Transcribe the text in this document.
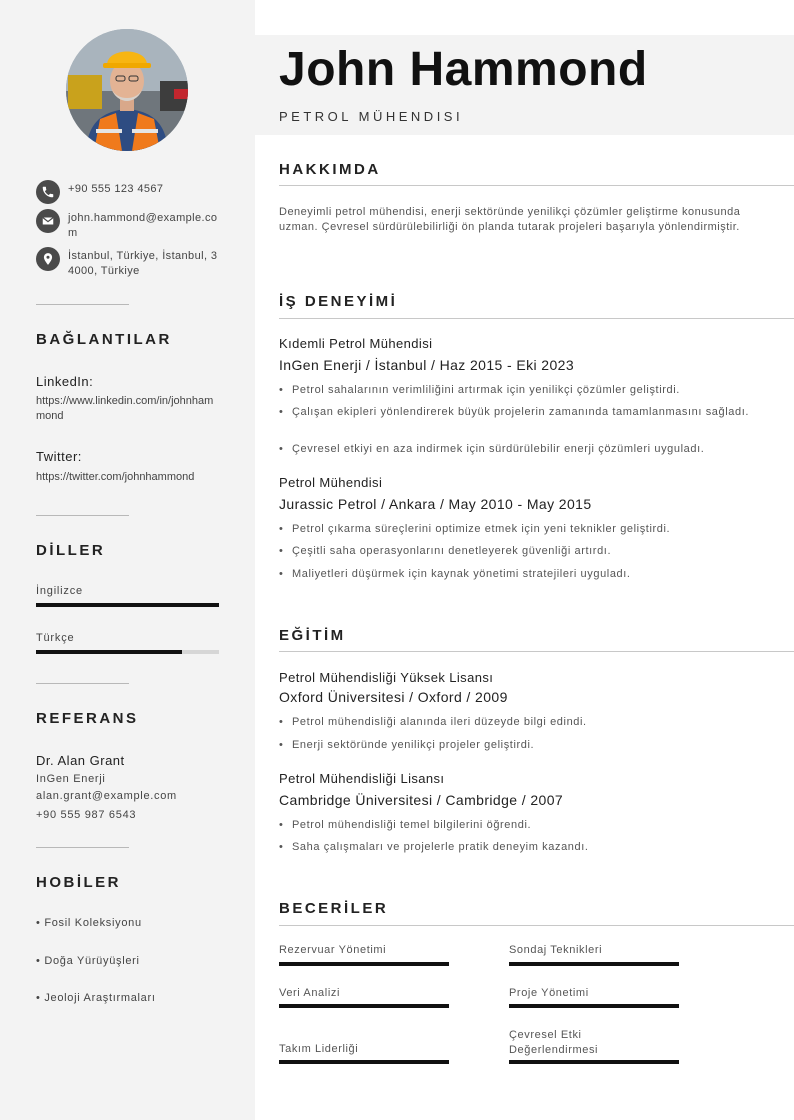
+90 555 123 4567
john.hammond@example.com
İstanbul, Türkiye, İstanbul, 34000, Türkiye
BAĞLANTILAR
LinkedIn:
https://www.linkedin.com/in/johnhammond
Twitter:
https://twitter.com/johnhammond
DİLLER
İngilizce
Türkçe
REFERANS
Dr. Alan Grant
InGen Enerji
alan.grant@example.com
+90 555 987 6543
HOBİLER
• Fosil Koleksiyonu
• Doğa Yürüyüşleri
• Jeoloji Araştırmaları
John Hammond
PETROL MÜHENDISI
HAKKIMDA
Deneyimli petrol mühendisi, enerji sektöründe yenilikçi çözümler geliştirme konusunda uzman. Çevresel sürdürülebilirliği ön planda tutarak projeleri başarıyla yönlendirmiştir.
İŞ DENEYİMİ
Kıdemli Petrol Mühendisi
InGen Enerji / İstanbul / Haz 2015 - Eki 2023
• Petrol sahalarının verimliliğini artırmak için yenilikçi çözümler geliştirdi.
• Çalışan ekipleri yönlendirerek büyük projelerin zamanında tamamlanmasını sağladı.
• Çevresel etkiyi en aza indirmek için sürdürülebilir enerji çözümleri uyguladı.
Petrol Mühendisi
Jurassic Petrol / Ankara / May 2010 - May 2015
• Petrol çıkarma süreçlerini optimize etmek için yeni teknikler geliştirdi.
• Çeşitli saha operasyonlarını denetleyerek güvenliği artırdı.
• Maliyetleri düşürmek için kaynak yönetimi stratejileri uyguladı.
EĞİTİM
Petrol Mühendisliği Yüksek Lisansı
Oxford Üniversitesi / Oxford / 2009
• Petrol mühendisliği alanında ileri düzeyde bilgi edindi.
• Enerji sektöründe yenilikçi projeler geliştirdi.
Petrol Mühendisliği Lisansı
Cambridge Üniversitesi / Cambridge / 2007
• Petrol mühendisliği temel bilgilerini öğrendi.
• Saha çalışmaları ve projelerle pratik deneyim kazandı.
BECERİLER
Rezervuar Yönetimi	Sondaj Teknikleri
Veri Analizi	Proje Yönetimi
Takım Liderliği
Çevresel Etki Değerlendirmesi
